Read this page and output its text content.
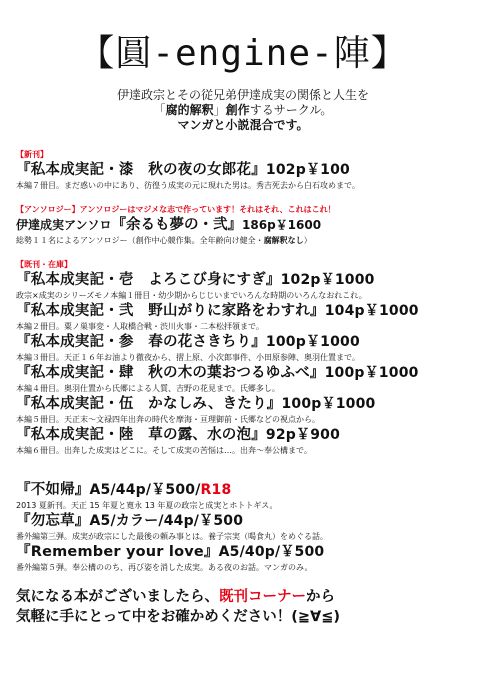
【圓-engine-陣】
伊達政宗とその従兄弟伊達成実の関係と人生を
「腐的解釈」創作するサークル。
マンガと小説混合です。
【新刊】
『私本成実記・漆　秋の夜の女郎花』102p￥100
本編７冊目。まだ惑いの中にあり、彷徨う成実の元に現れた男は。秀吉死去から白石攻めまで。
【アンソロジー】アンソロジーはマジメな志で作っています！それはそれ、これはこれ！
伊達成実アンソロ『余るも夢の・弐』186p￥1600
総勢１１名によるアンソロジー（創作中心競作集。全年齢向け健全・腐解釈なし）
【既刊・在庫】
『私本成実記・壱　よろこび身にすぎ』102p￥1000
政宗×成実のシリーズモノ本編１冊目・幼少期からじじいまでいろんな時期のいろんなおれこれ。
『私本成実記・弐　野山がりに家路をわすれ』104p￥1000
本編２冊目。粟ノ巣事変・人取橋合戦・渋川火事・二本松拝領まで。
『私本成実記・参　春の花さきちり』100p￥1000
本編３冊目。天正１６年お油より徹夜から、摺上原、小次郎事件、小田原参陣、奥羽仕置まで。
『私本成実記・肆　秋の木の葉おつるゆふべ』100p￥1000
本編４冊目。奥羽仕置から氏郷による人質、吉野の花見まで。氏郷多し。
『私本成実記・伍　かなしみ、きたり』100p￥1000
本編５冊目。天正末〜文禄四年出奔の時代を摩海・亘理御前・氏郷などの視点から。
『私本成実記・陸　草の露、水の泡』92p￥900
本編６冊目。出奔した成実はどこに。そして成実の苦悩は…。出奔〜奉公構まで。
『不如帰』A5/44p/￥500/R18
2013 夏新刊。天正 15 年夏と寛永 13 年夏の政宗と成実とホトトギス。
『勿忘草』A5/カラー/44p/￥500
番外編第三弾。成実が政宗にした最後の頼み事とは。養子宗実（喝食丸）をめぐる話。
『Remember your love』A5/40p/￥500
番外編第５弾。奉公構ののち、再び姿を消した成実。ある夜のお話。マンガのみ。
気になる本がございましたら、既刊コーナーから
気軽に手にとって中をお確かめください！(≧∀≦)
